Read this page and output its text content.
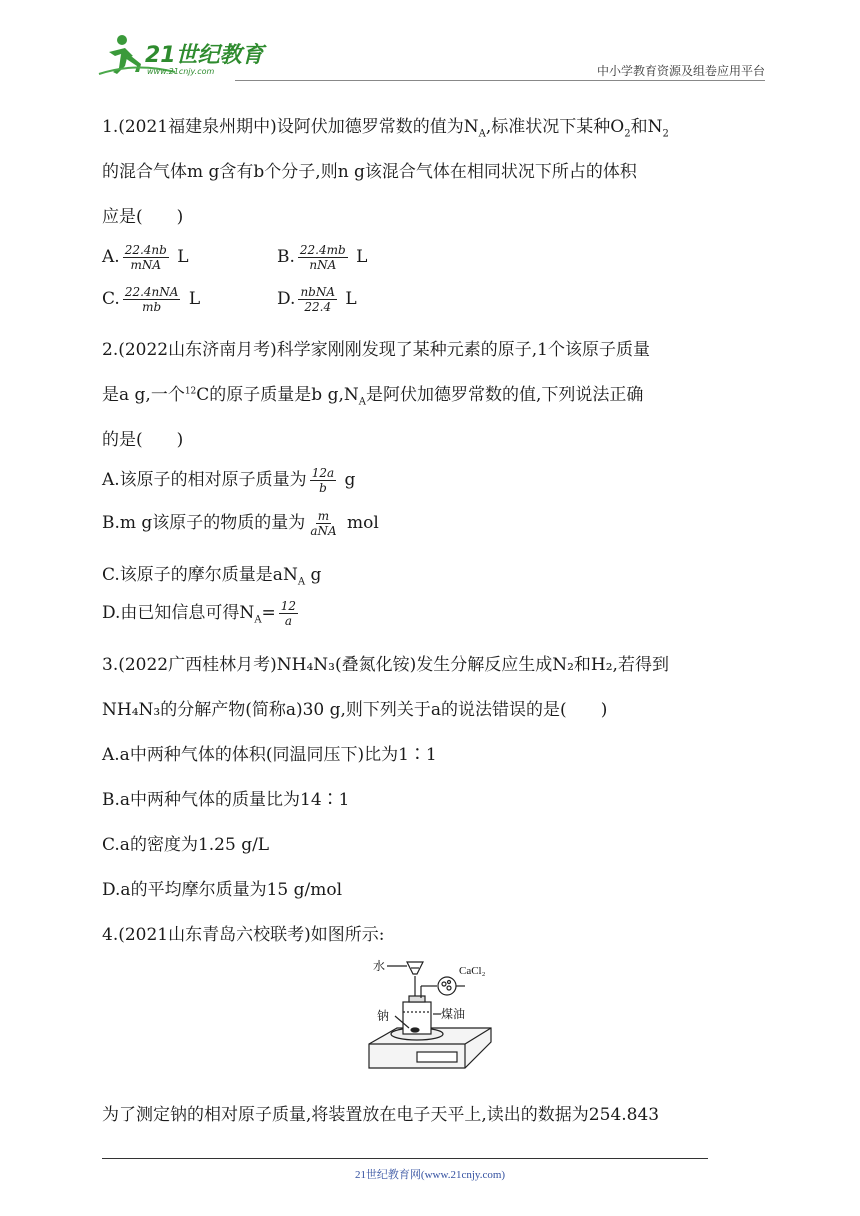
21世纪教育
www.21cnjy.com	中小学教育资源及组卷应用平台
1.(2021福建泉州期中)设阿伏加德罗常数的值为$N_A$,标准状况下某种$O_2$和$N_2$
的混合气体m g含有b个分子,则n g该混合气体在相同状况下所占的体积
应是(　　)
A. $\frac{22.4nb}{\text{mNA}}$ L	B. $\frac{22.4mb}{\text{nNA}}$ L
C. $\frac{\text{22.4nNA}}{mb}$ L	D. $\frac{\text{nbNA}}{22.4}$ L
2.(2022山东济南月考)科学家刚刚发现了某种元素的原子,1个该原子质量
是a g,一个$^{12}$C的原子质量是b $g,N_A$是阿伏加德罗常数的值,下列说法正确
的是(　　)
A.该原子的相对原子质量为 $\frac{12a}{b}$ g
B.m g该原子的物质的量为 $\frac{m}{\text{aNA}}$ mol
C.该原子的摩尔质量是$aN_A$ g
D.由已知信息可得$N_A= \frac{12}{a}$
3.(2022广西桂林月考)NH₄N₃(叠氮化铵)发生分解反应生成N₂和H₂,若得到
NH₄N₃的分解产物(简称a)30 g,则下列关于a的说法错误的是(　　)
A.a中两种气体的体积(同温同压下)比为1∶1
B.a中两种气体的质量比为14∶1
C.a的密度为1.25 g/L
D.a的平均摩尔质量为15 g/mol
4.(2021山东青岛六校联考)如图所示:
为了测定钠的相对原子质量,将装置放在电子天平上,读出的数据为254.843
水	CaCl₂
钠	煤油
21世纪教育网(www.21cnjy.com)
